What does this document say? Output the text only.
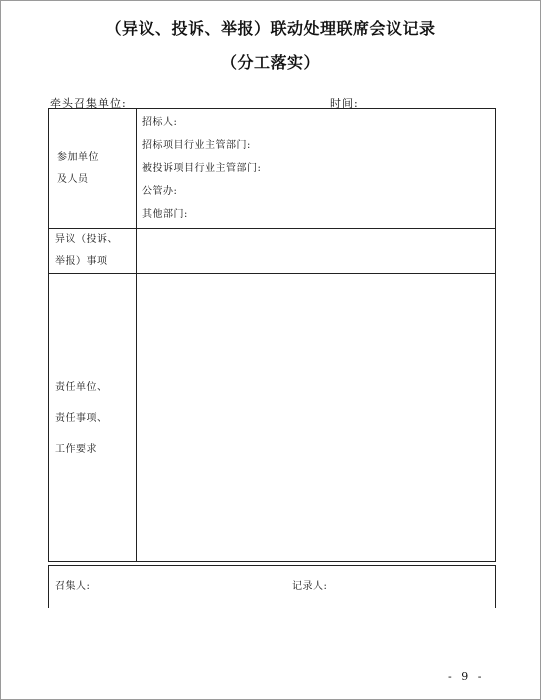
（异议、投诉、举报）联动处理联席会议记录
（分工落实）
牵头召集单位:	时间:
参加单位
及人员
招标人:
招标项目行业主管部门:
被投诉项目行业主管部门:
公管办:
其他部门:
异议（投诉、
举报）事项
责任单位、
责任事项、
工作要求
召集人:	记录人:
- 9 -
